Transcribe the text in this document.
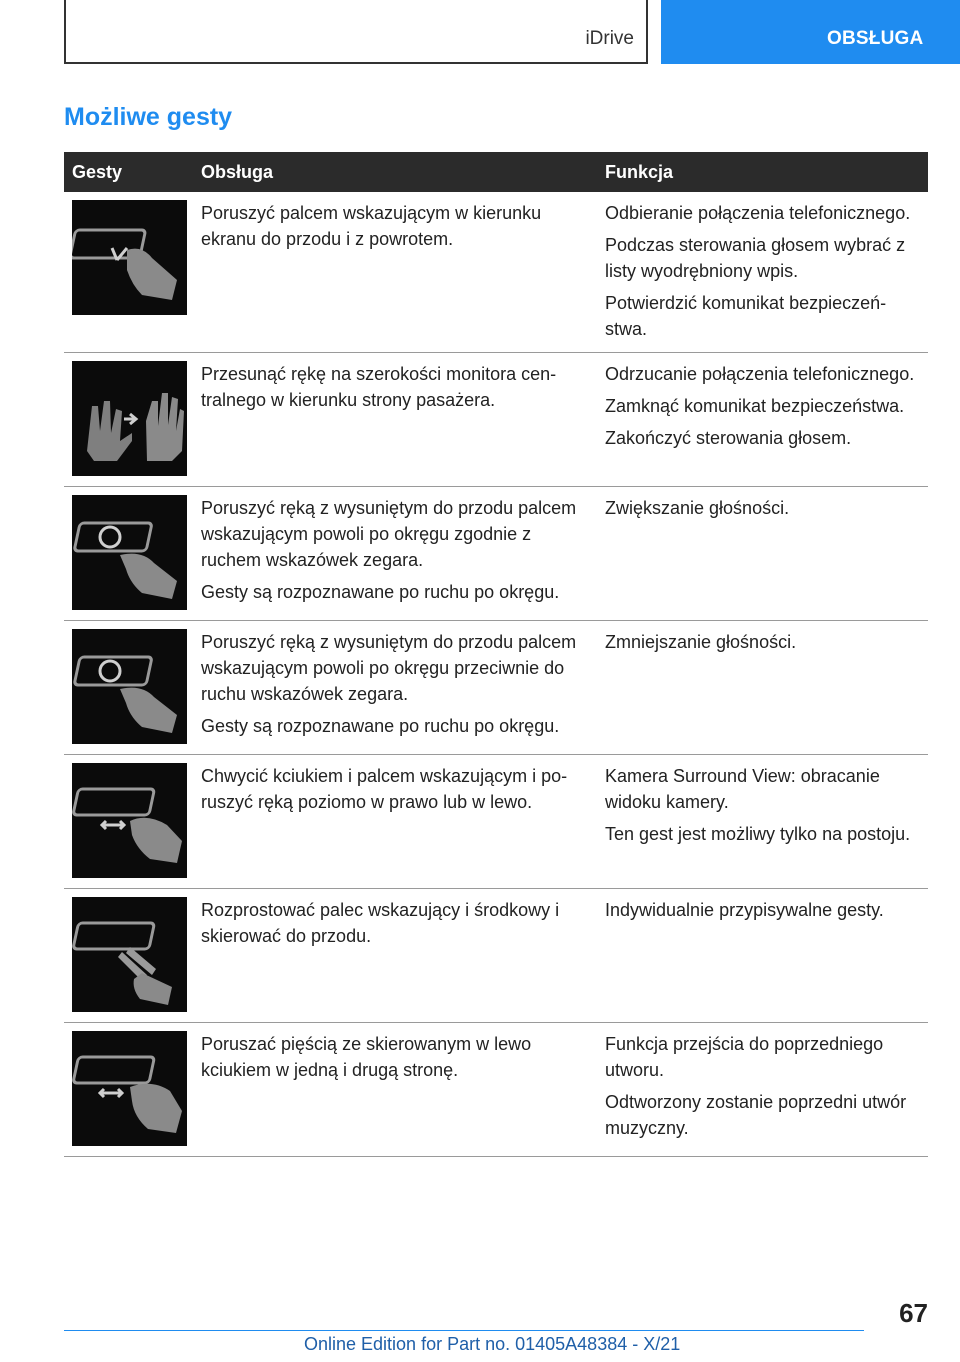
iDrive	OBSŁUGA
Możliwe gesty
Gesty	Obsługa	Funkcja

Poruszyć palcem wskazującym w kierunku ekranu do przodu i z powrotem.	Odbieranie połączenia telefonicznego.

Podczas sterowania głosem wybrać z listy wyodrębniony wpis.

Potwierdzić komunikat bezpieczeństwa.

Przesunąć rękę na szerokości monitora centralnego w kierunku strony pasażera.	Odrzucanie połączenia telefonicznego.

Zamknąć komunikat bezpieczeństwa.

Zakończyć sterowania głosem.

Poruszyć ręką z wysuniętym do przodu palcem wskazującym powoli po okręgu zgodnie z ruchem wskazówek zegara.

Gesty są rozpoznawane po ruchu po okręgu.	Zwiększanie głośności.

Poruszyć ręką z wysuniętym do przodu palcem wskazującym powoli po okręgu przeciwnie do ruchu wskazówek zegara.

Gesty są rozpoznawane po ruchu po okręgu.	Zmniejszanie głośności.

Chwycić kciukiem i palcem wskazującym i poruszyć ręką poziomo w prawo lub w lewo.	Kamera Surround View: obracanie widoku kamery.

Ten gest jest możliwy tylko na postoju.

Rozprostować palec wskazujący i środkowy i skierować do przodu.	Indywidualnie przypisywalne gesty.

Poruszać pięścią ze skierowanym w lewo kciukiem w jedną i drugą stronę.	Funkcja przejścia do poprzedniego utworu.

Odtworzony zostanie poprzedni utwór muzyczny.

67
Online Edition for Part no. 01405A48384 - X/21
